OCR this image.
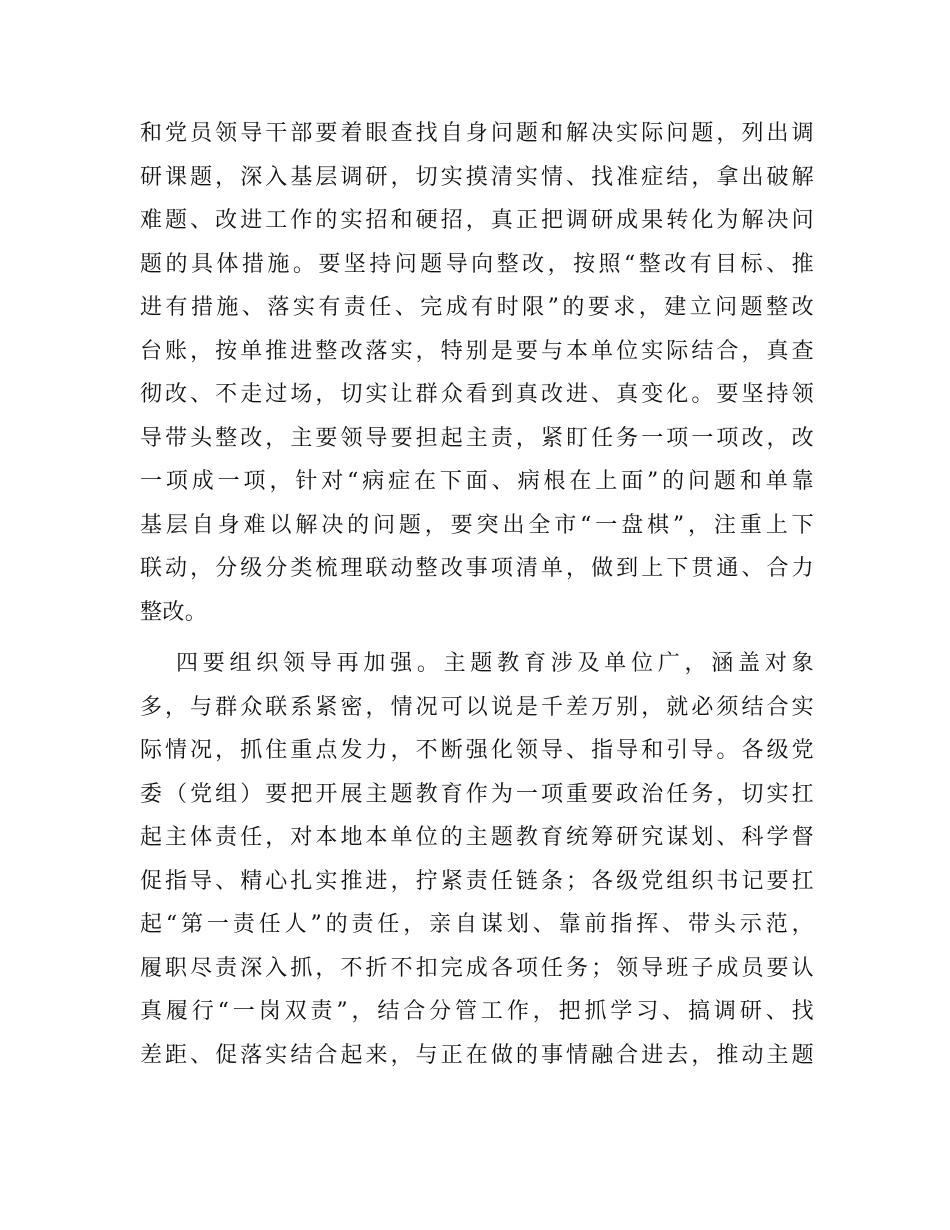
和党员领导干部要着眼查找自身问题和解决实际问题，列出调
研课题，深入基层调研，切实摸清实情、找准症结，拿出破解
难题、改进工作的实招和硬招，真正把调研成果转化为解决问
题的具体措施。要坚持问题导向整改，按照“整改有目标、推
进有措施、落实有责任、完成有时限”的要求，建立问题整改
台账，按单推进整改落实，特别是要与本单位实际结合，真查
彻改、不走过场，切实让群众看到真改进、真变化。要坚持领
导带头整改，主要领导要担起主责，紧盯任务一项一项改，改
一项成一项，针对“病症在下面、病根在上面”的问题和单靠
基层自身难以解决的问题，要突出全市“一盘棋”，注重上下
联动，分级分类梳理联动整改事项清单，做到上下贯通、合力
整改。

四要组织领导再加强。主题教育涉及单位广，涵盖对象
多，与群众联系紧密，情况可以说是千差万别，就必须结合实
际情况，抓住重点发力，不断强化领导、指导和引导。各级党
委（党组）要把开展主题教育作为一项重要政治任务，切实扛
起主体责任，对本地本单位的主题教育统筹研究谋划、科学督
促指导、精心扎实推进，拧紧责任链条；各级党组织书记要扛
起“第一责任人”的责任，亲自谋划、靠前指挥、带头示范，
履职尽责深入抓，不折不扣完成各项任务；领导班子成员要认
真履行“一岗双责”，结合分管工作，把抓学习、搞调研、找
差距、促落实结合起来，与正在做的事情融合进去，推动主题
